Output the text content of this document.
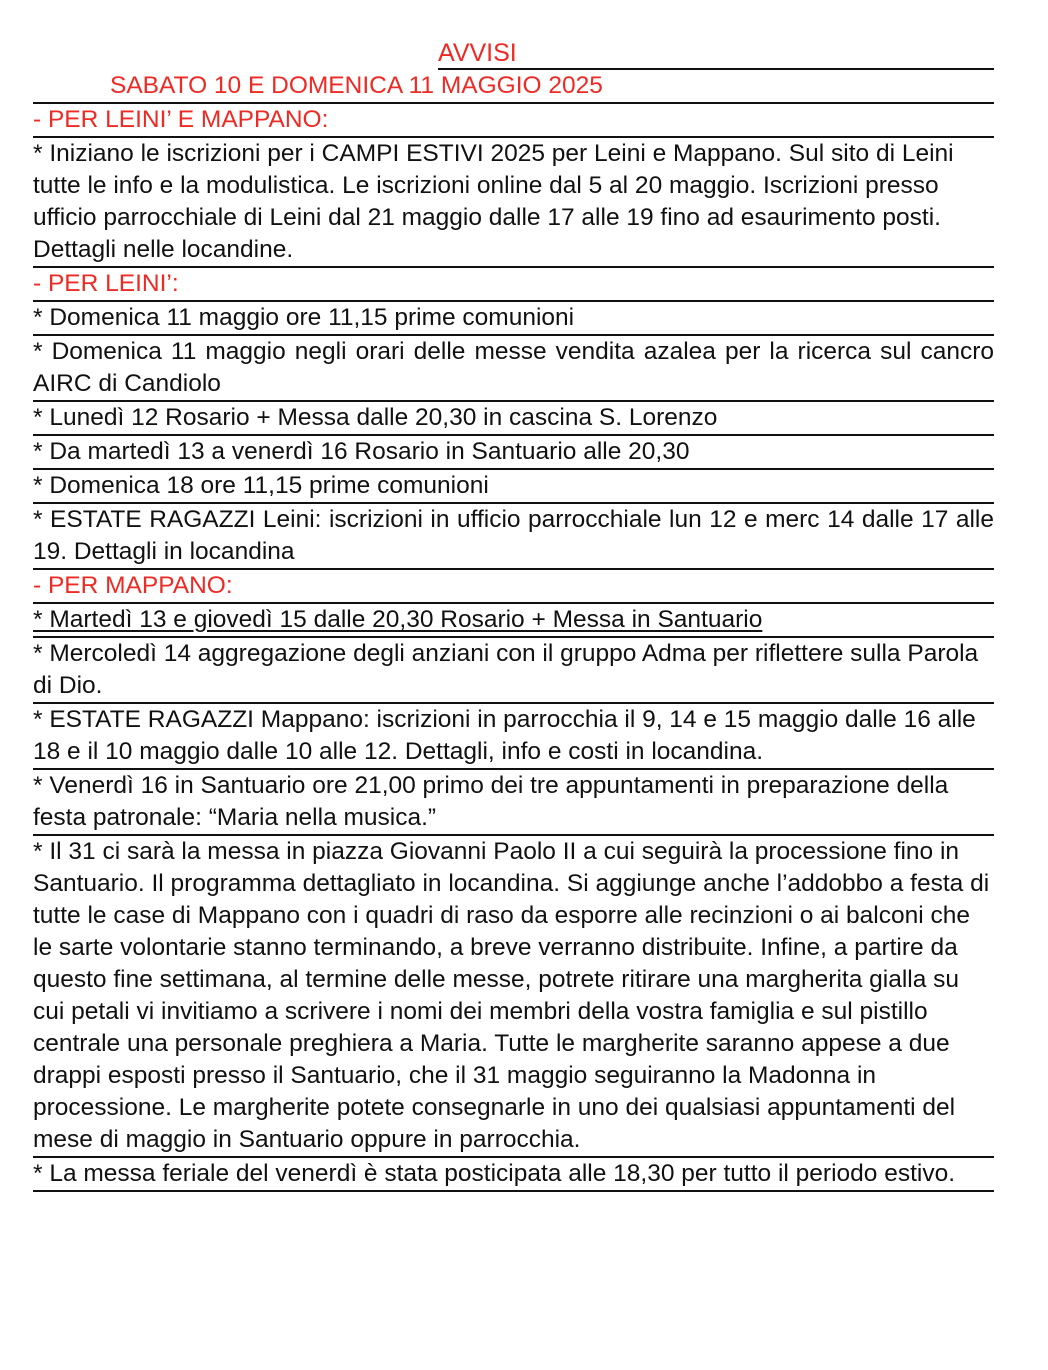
AVVISI
SABATO 10 E DOMENICA 11 MAGGIO 2025
- PER LEINI’ E MAPPANO:
* Iniziano le iscrizioni per i CAMPI ESTIVI 2025 per Leini e Mappano. Sul sito di Leini tutte le info e la modulistica. Le iscrizioni online dal 5 al 20 maggio. Iscrizioni presso ufficio parrocchiale di Leini dal 21 maggio dalle 17 alle 19 fino ad esaurimento posti. Dettagli nelle locandine.
- PER LEINI’:
* Domenica 11 maggio ore 11,15 prime comunioni
* Domenica 11 maggio negli orari delle messe vendita azalea per la ricerca sul cancro AIRC di Candiolo
* Lunedì 12 Rosario + Messa dalle 20,30 in cascina S. Lorenzo
* Da martedì 13 a venerdì 16 Rosario in Santuario alle 20,30
* Domenica 18 ore 11,15 prime comunioni
* ESTATE RAGAZZI Leini: iscrizioni in ufficio parrocchiale lun 12 e merc 14 dalle 17 alle 19. Dettagli in locandina
- PER MAPPANO:
* Martedì 13 e giovedì 15 dalle 20,30 Rosario + Messa in Santuario
* Mercoledì 14 aggregazione degli anziani con il gruppo Adma per riflettere sulla Parola di Dio.
* ESTATE RAGAZZI Mappano: iscrizioni in parrocchia il 9, 14 e 15 maggio dalle 16 alle 18 e il 10 maggio dalle 10 alle 12. Dettagli, info e costi in locandina.
* Venerdì 16 in Santuario ore 21,00 primo dei tre appuntamenti in preparazione della festa patronale: “Maria nella musica.”
* Il 31 ci sarà la messa in piazza Giovanni Paolo II a cui seguirà la processione fino in Santuario. Il programma dettagliato in locandina. Si aggiunge anche l’addobbo a festa di tutte le case di Mappano con i quadri di raso da esporre alle recinzioni o ai balconi che le sarte volontarie stanno terminando, a breve verranno distribuite. Infine, a partire da questo fine settimana, al termine delle messe, potrete ritirare una margherita gialla su cui petali vi invitiamo a scrivere i nomi dei membri della vostra famiglia e sul pistillo centrale una personale preghiera a Maria. Tutte le margherite saranno appese a due drappi esposti presso il Santuario, che il 31 maggio seguiranno la Madonna in processione. Le margherite potete consegnarle in uno dei qualsiasi appuntamenti del mese di maggio in Santuario oppure in parrocchia.
* La messa feriale del venerdì è stata posticipata alle 18,30 per tutto il periodo estivo.
